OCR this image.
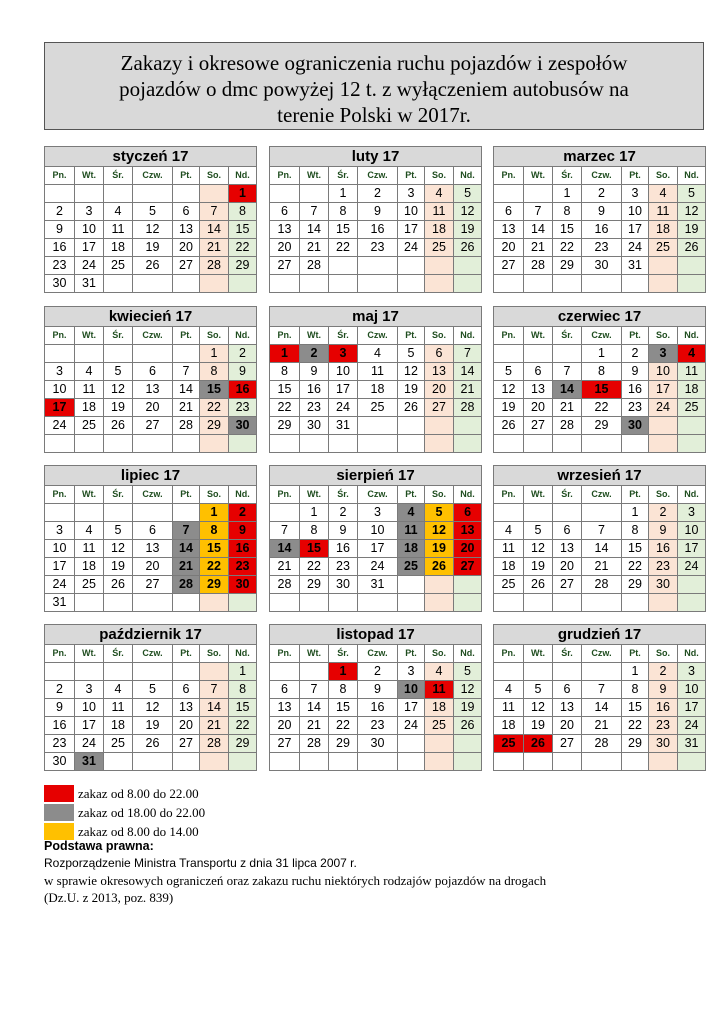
Zakazy i okresowe ograniczenia ruchu pojazdów i zespołów
pojazdów o dmc powyżej 12 t. z wyłączeniem autobusów na
terenie Polski w 2017r.
styczeń 17						
Pn.	Wt.	Śr.	Czw.	Pt.	So.	Nd.
						1
2	3	4	5	6	7	8
9	10	11	12	13	14	15
16	17	18	19	20	21	22
23	24	25	26	27	28	29
30	31					
luty 17						
Pn.	Wt.	Śr.	Czw.	Pt.	So.	Nd.
		1	2	3	4	5
6	7	8	9	10	11	12
13	14	15	16	17	18	19
20	21	22	23	24	25	26
27	28					

marzec 17						
Pn.	Wt.	Śr.	Czw.	Pt.	So.	Nd.
		1	2	3	4	5
6	7	8	9	10	11	12
13	14	15	16	17	18	19
20	21	22	23	24	25	26
27	28	29	30	31		

kwiecień 17						
Pn.	Wt.	Śr.	Czw.	Pt.	So.	Nd.
					1	2
3	4	5	6	7	8	9
10	11	12	13	14	15	16
17	18	19	20	21	22	23
24	25	26	27	28	29	30

maj 17						
Pn.	Wt.	Śr.	Czw.	Pt.	So.	Nd.
1	2	3	4	5	6	7
8	9	10	11	12	13	14
15	16	17	18	19	20	21
22	23	24	25	26	27	28
29	30	31				

czerwiec 17						
Pn.	Wt.	Śr.	Czw.	Pt.	So.	Nd.
			1	2	3	4
5	6	7	8	9	10	11
12	13	14	15	16	17	18
19	20	21	22	23	24	25
26	27	28	29	30		

lipiec 17						
Pn.	Wt.	Śr.	Czw.	Pt.	So.	Nd.
					1	2
3	4	5	6	7	8	9
10	11	12	13	14	15	16
17	18	19	20	21	22	23
24	25	26	27	28	29	30
31						
sierpień 17						
Pn.	Wt.	Śr.	Czw.	Pt.	So.	Nd.
	1	2	3	4	5	6
7	8	9	10	11	12	13
14	15	16	17	18	19	20
21	22	23	24	25	26	27
28	29	30	31			

wrzesień 17						
Pn.	Wt.	Śr.	Czw.	Pt.	So.	Nd.
				1	2	3
4	5	6	7	8	9	10
11	12	13	14	15	16	17
18	19	20	21	22	23	24
25	26	27	28	29	30	

październik 17						
Pn.	Wt.	Śr.	Czw.	Pt.	So.	Nd.
						1
2	3	4	5	6	7	8
9	10	11	12	13	14	15
16	17	18	19	20	21	22
23	24	25	26	27	28	29
30	31					
listopad 17						
Pn.	Wt.	Śr.	Czw.	Pt.	So.	Nd.
		1	2	3	4	5
6	7	8	9	10	11	12
13	14	15	16	17	18	19
20	21	22	23	24	25	26
27	28	29	30			

grudzień 17						
Pn.	Wt.	Śr.	Czw.	Pt.	So.	Nd.
				1	2	3
4	5	6	7	8	9	10
11	12	13	14	15	16	17
18	19	20	21	22	23	24
25	26	27	28	29	30	31

zakaz od 8.00 do 22.00
zakaz od 18.00 do 22.00
zakaz od 8.00 do 14.00
Podstawa prawna:
Rozporządzenie Ministra Transportu z dnia 31 lipca 2007 r.
w sprawie okresowych ograniczeń oraz zakazu ruchu niektórych rodzajów pojazdów na drogach
(Dz.U. z 2013, poz. 839)
